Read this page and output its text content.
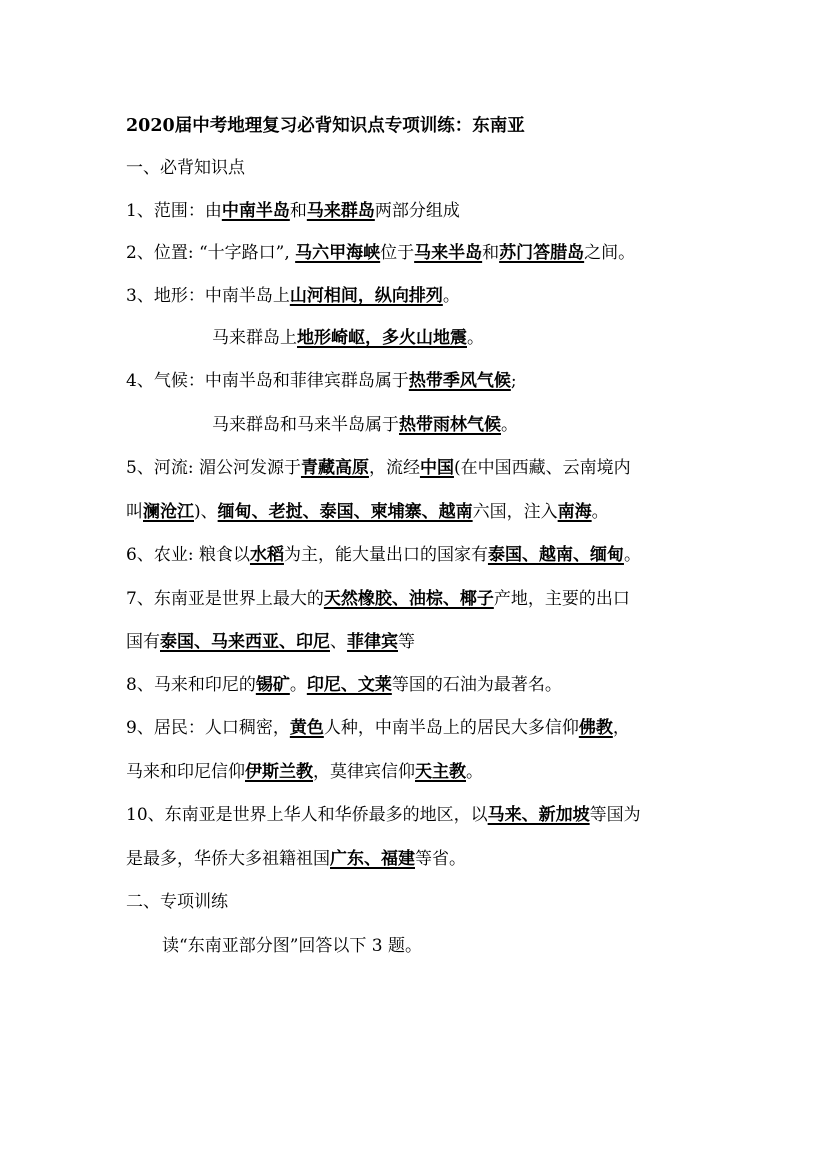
2020届中考地理复习必背知识点专项训练：东南亚
一、必背知识点
1、范围：由中南半岛和马来群岛两部分组成
2、位置: “十字路口”, 马六甲海峡位于马来半岛和苏门答腊岛之间。
3、地形：中南半岛上山河相间，纵向排列。
马来群岛上地形崎岖，多火山地震。
4、气候：中南半岛和菲律宾群岛属于热带季风气候;
马来群岛和马来半岛属于热带雨林气候。
5、河流: 湄公河发源于青藏高原，流经中国(在中国西藏、云南境内
叫澜沧江)、缅甸、老挝、泰国、柬埔寨、越南六国，注入南海。
6、农业: 粮食以水稻为主，能大量出口的国家有泰国、越南、缅甸。
7、东南亚是世界上最大的天然橡胶、油棕、椰子产地，主要的出口
国有泰国、马来西亚、印尼、菲律宾等
8、马来和印尼的锡矿。印尼、文莱等国的石油为最著名。
9、居民：人口稠密，黄色人种，中南半岛上的居民大多信仰佛教，
马来和印尼信仰伊斯兰教，莫律宾信仰天主教。
10、东南亚是世界上华人和华侨最多的地区，以马来、新加坡等国为
是最多，华侨大多祖籍祖国广东、福建等省。
二、专项训练
读“东南亚部分图”回答以下 3 题。
